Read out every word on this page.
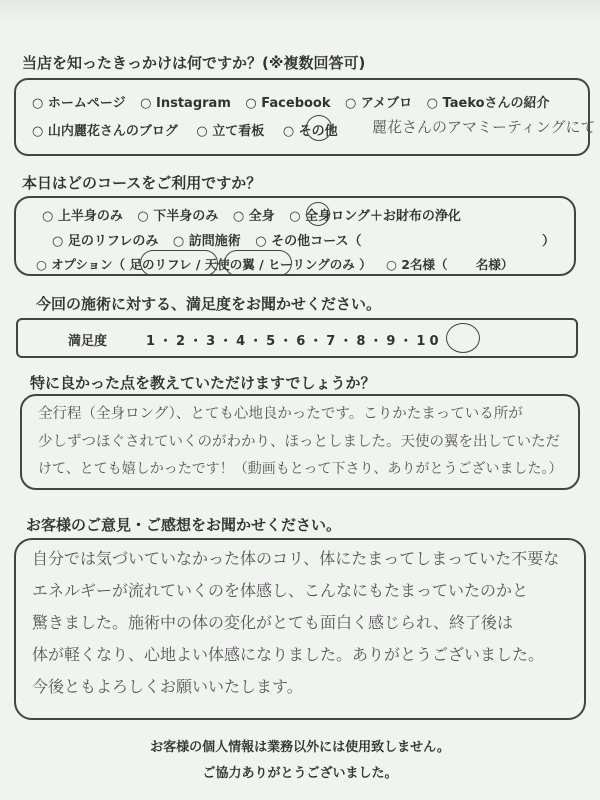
当店を知ったきっかけは何ですか？(※複数回答可)
○ ホームページ ○ Instagram ○ Facebook ○ アメブロ ○ Taekoさんの紹介
○ 山内麗花さんのブログ ○ 立て看板 ○ その他	麗花さんのアマミーティングにて
本日はどのコースをご利用ですか？
○ 上半身のみ ○ 下半身のみ ○ 全身 ○ 全身ロング＋お財布の浄化
○ 足のリフレのみ ○ 訪問施術 ○ その他コース（	）
○ オプション（ 足のリフレ / 天使の翼 / ヒーリングのみ ） ○ 2名様（ 名様）
今回の施術に対する、満足度をお聞かせください。
満足度	1・2・3・4・5・6・7・8・9・10
特に良かった点を教えていただけますでしょうか？
全行程（全身ロング）、とても心地良かったです。こりかたまっている所が
少しずつほぐされていくのがわかり、ほっとしました。天使の翼を出していただ
けて、とても嬉しかったです！（動画もとって下さり、ありがとうございました。）
お客様のご意見・ご感想をお聞かせください。
自分では気づいていなかった体のコリ、体にたまってしまっていた不要な
エネルギーが流れていくのを体感し、こんなにもたまっていたのかと
驚きました。施術中の体の変化がとても面白く感じられ、終了後は
体が軽くなり、心地よい体感になりました。ありがとうございました。
今後ともよろしくお願いいたします。
お客様の個人情報は業務以外には使用致しません。
ご協力ありがとうございました。
